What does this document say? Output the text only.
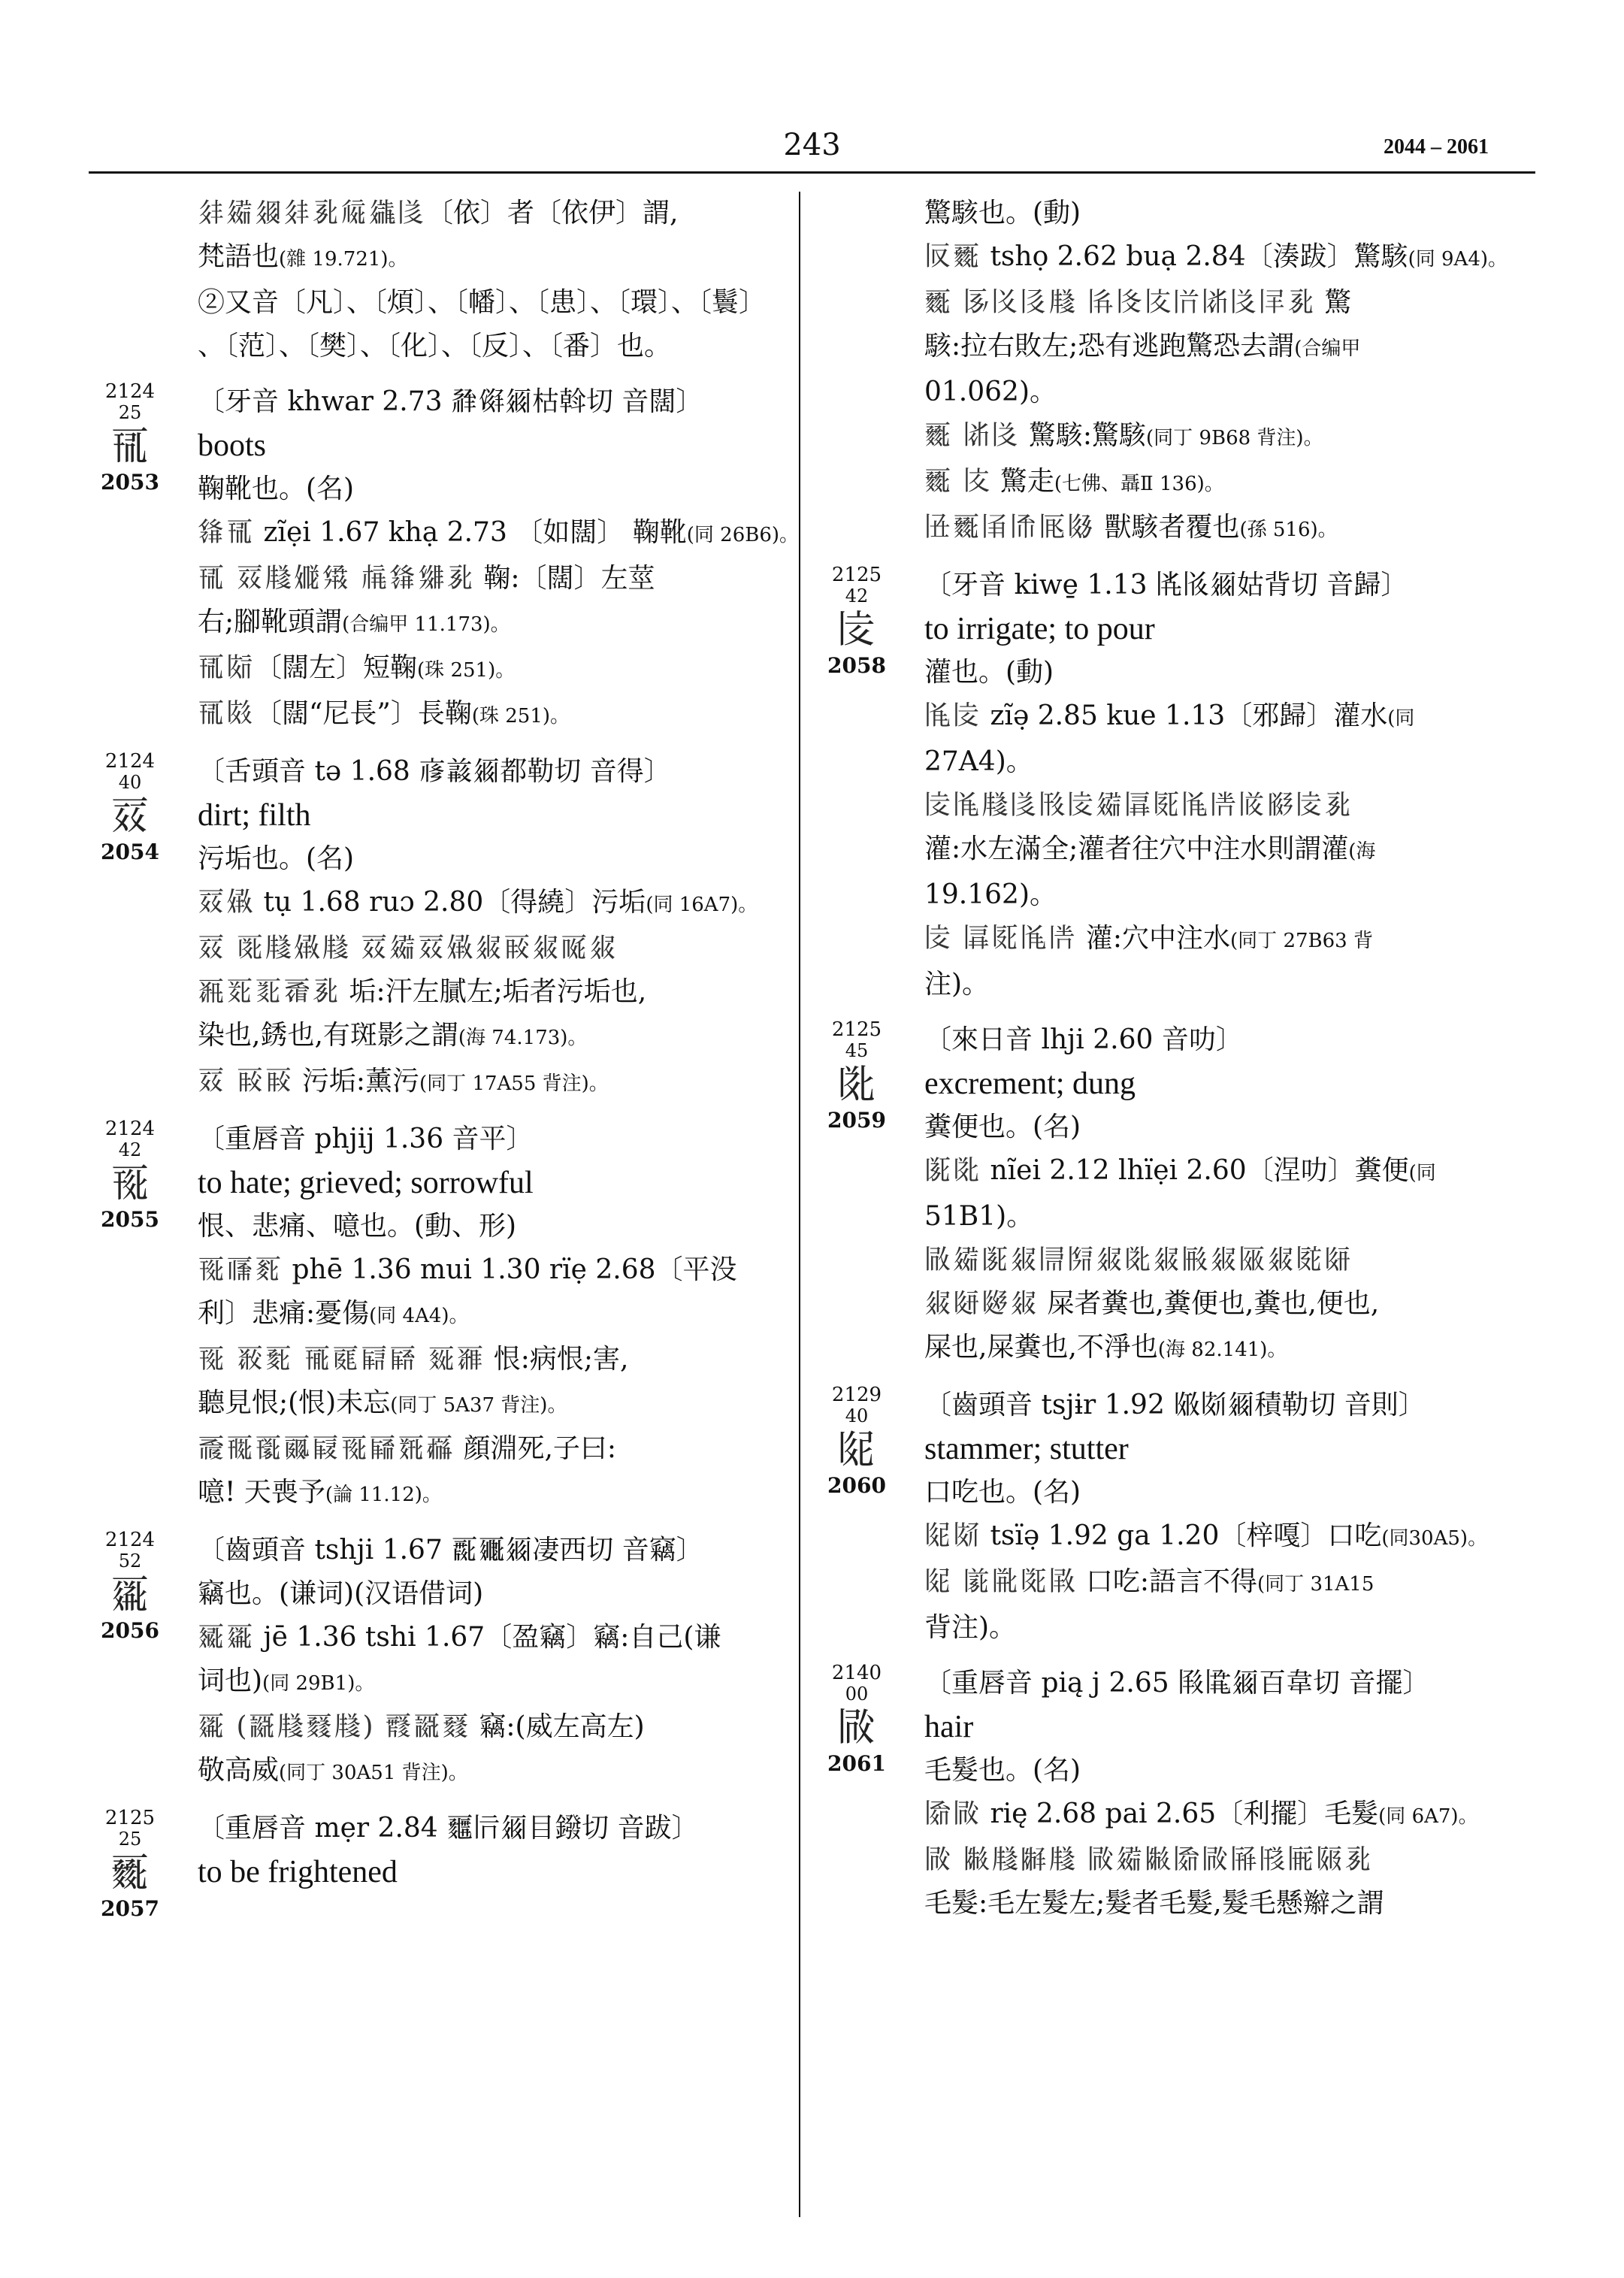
243	2044 – 2061
𗢳𗩴𗤓𗢳𗎘𗏁𗪘𗁅〔依〕者〔依伊〕謂,
梵語也(雜 19.721)。
②又音〔凡〕、〔煩〕、〔幡〕、〔患〕、〔環〕、〔鬟〕
、〔范〕、〔樊〕、〔化〕、〔反〕、〔番〕也。
2124
25
𗀋
2053
〔牙音 khwar 2.73 𗴂𗃬𗥃枯斡切 音闊〕
boots
鞠靴也。(名)
𗌭𗀋 zĩẹi 1.67 khạ 2.73 〔如闊〕 鞠靴(同 26B6)。
𗀋 𗀌𗹦𗏟𗋽 𗍫𗌭𗋛𗎘 鞠:〔闊〕左莖
右;腳靴頭謂(合编甲 11.173)。
𗀋𗁯〔闊左〕短鞠(珠 251)。
𗀋𗁰〔闊“尼長”〕長鞠(珠 251)。
2124
40
𗀌
2054
〔舌頭音 tə 1.68 𗇋𗓁𗥃都勒切 音得〕
dirt; filth
污垢也。(名)
𗀌𗏣 tụ 1.68 ruɔ 2.80〔得繞〕污垢(同 16A7)。
𗀌 𗀍𗹦𗏣𗹦 𗀌𗩴𗀌𗏣𗤒𗀎𗤒𗀏𗤒
𗀐𗀑𗀒𗀓𗎘 垢:汗左膩左;垢者污垢也,
染也,銹也,有斑影之謂(海 74.173)。
𗀌 𗀎𗀎 污垢:薰污(同丁 17A55 背注)。
2124
42
𗀔
2055
〔重唇音 phjij 1.36 音平〕
to hate; grieved; sorrowful
恨、悲痛、噫也。(動、形)
𗀔𗀕𗀖 phē 1.36 mui 1.30 rïẹ 2.68〔平没
利〕悲痛:憂傷(同 4A4)。
𗀔 𗀗𗀘 𗀙𗀚𗀛𗀜 𗀝𗀞 恨:病恨;害,
聽見恨;(恨)未忘(同丁 5A37 背注)。
𗀟𗀠𗀡𗀢𗀣𗀔𗀤𗀥𗀦 顔淵死,子曰:
噫! 天喪予(論 11.12)。
2124
52
𗀧
2056
〔齒頭音 tshji 1.67 𗀨𗀩𗥃凄西切 音竊〕
竊也。(谦词)(汉语借词)
𗀪𗀧 jē 1.36 tshi 1.67〔盈竊〕竊:自己(谦
词也)(同 29B1)。
𗀧 (𗀫𗹦𗀬𗹦) 𗀭𗀫𗀬 竊:(威左高左)
敬高威(同丁 30A51 背注)。
2125
25
𗀮
2057
〔重唇音 mẹr 2.84 𗀯𗀰𗥃目鏺切 音跋〕
to be frightened
驚駭也。(動)
𗀱𗀮 tshọ 2.62 buạ 2.84〔湊跋〕驚駭(同 9A4)。
𗀮 𗀲𗀳𗀴𗹦 𗀵𗀶𗀷𗀸𗀹𗀺𗀻𗎘 驚
駭:拉右敗左;恐有逃跑驚恐去謂(合编甲
01.062)。
𗀮 𗀹𗀺 驚駭:驚駭(同丁 9B68 背注)。
𗀮 𗀷 驚走(七佛、聶Ⅱ 136)。
𗀼𗀮𗀽𗀾𗀿𗁀 獸駭者覆也(孫 516)。
2125
42
𗁁
2058
〔牙音 kiwe̱ 1.13 𗁂𗁃𗥃姑背切 音歸〕
to irrigate; to pour
灌也。(動)
𗁄𗁁 zĩə̣ 2.85 kue 1.13〔邪歸〕灌水(同
27A4)。
𗁁𗁄𗹦𗁅𗁆𗁁𗩴𗁇𗁈𗁄𗁉𗁊𗁋𗁁𗎘
灌:水左滿全;灌者往穴中注水則謂灌(海
19.162)。
𗁁 𗁇𗁈𗁄𗁉 灌:穴中注水(同丁 27B63 背
注)。
2125
45
𗁌
2059
〔來日音 lhji 2.60 音叻〕
excrement; dung
糞便也。(名)
𗁍𗁌 nĩei 2.12 lhïẹi 2.60〔涅叻〕糞便(同
51B1)。
𗁎𗩴𗁍𗤒𗁏𗁐𗤒𗁌𗤒𗁑𗤒𗁒𗤒𗁓𗁔
𗤒𗁕𗁖𗤒 屎者糞也,糞便也,糞也,便也,
屎也,屎糞也,不淨也(海 82.141)。
2129
40
𗁗
2060
〔齒頭音 tsjɨr 1.92 𗁘𗁙𗥃積勒切 音則〕
stammer; stutter
口吃也。(名)
𗁗𗁚 tsïə̣ 1.92 ga 1.20〔梓嘎〕口吃(同30A5)。
𗁗 𗁛𗁜𗁝𗁞 口吃:語言不得(同丁 31A15
背注)。
2140
00
𗁟
2061
〔重唇音 pią j 2.65 𗁠𗁡𗥃百韋切 音擺〕
hair
毛髮也。(名)
𗁢𗁟 rię 2.68 pai 2.65〔利擺〕毛髮(同 6A7)。
𗁟 𗁣𗹦𗁤𗹦 𗁟𗩴𗁣𗁢𗁟𗁥𗁦𗁧𗁨𗎘
毛髮:毛左髮左;髮者毛髮,髮毛懸辮之謂
